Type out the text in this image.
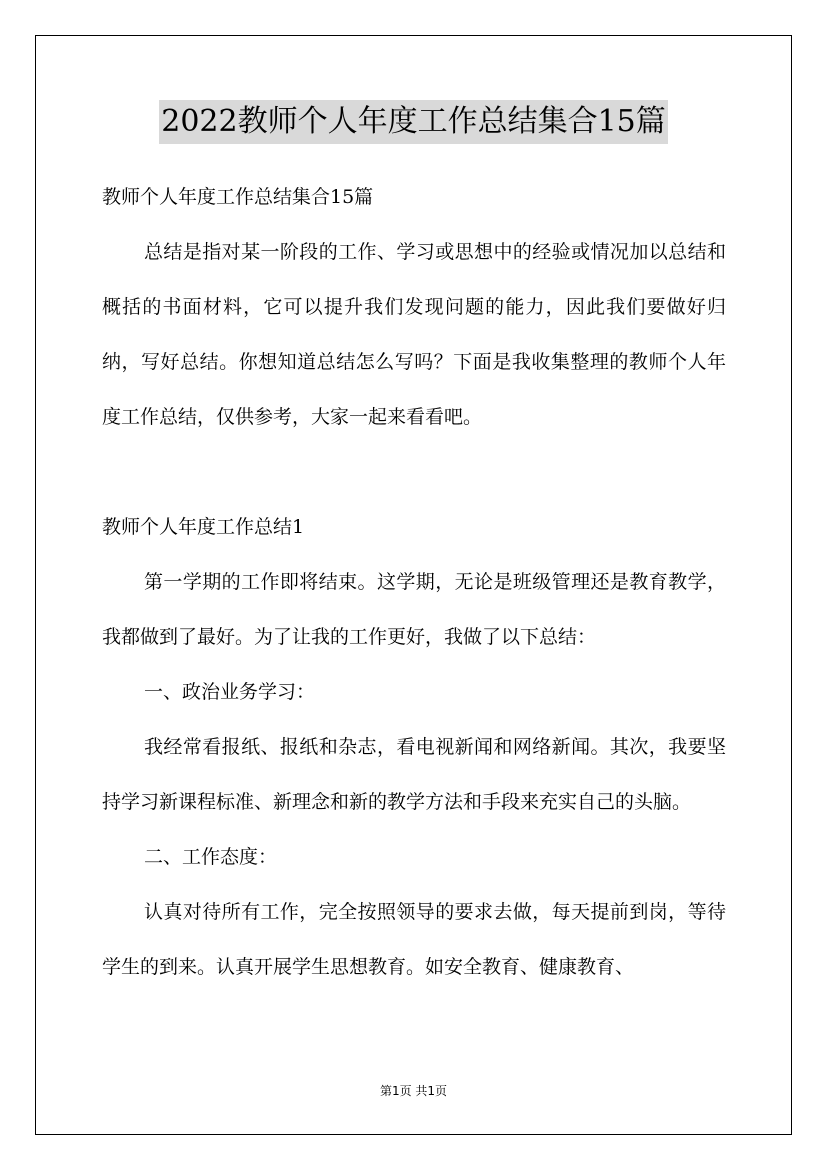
2022教师个人年度工作总结集合15篇

教师个人年度工作总结集合15篇

总结是指对某一阶段的工作、学习或思想中的经验或情况加以总结和概括的书面材料，它可以提升我们发现问题的能力，因此我们要做好归纳，写好总结。你想知道总结怎么写吗？下面是我收集整理的教师个人年度工作总结，仅供参考，大家一起来看看吧。

教师个人年度工作总结1

第一学期的工作即将结束。这学期，无论是班级管理还是教育教学，我都做到了最好。为了让我的工作更好，我做了以下总结：

一、政治业务学习：

我经常看报纸、报纸和杂志，看电视新闻和网络新闻。其次，我要坚持学习新课程标准、新理念和新的教学方法和手段来充实自己的头脑。

二、工作态度：

认真对待所有工作，完全按照领导的要求去做，每天提前到岗，等待学生的到来。认真开展学生思想教育。如安全教育、健康教育、

第1页 共1页
